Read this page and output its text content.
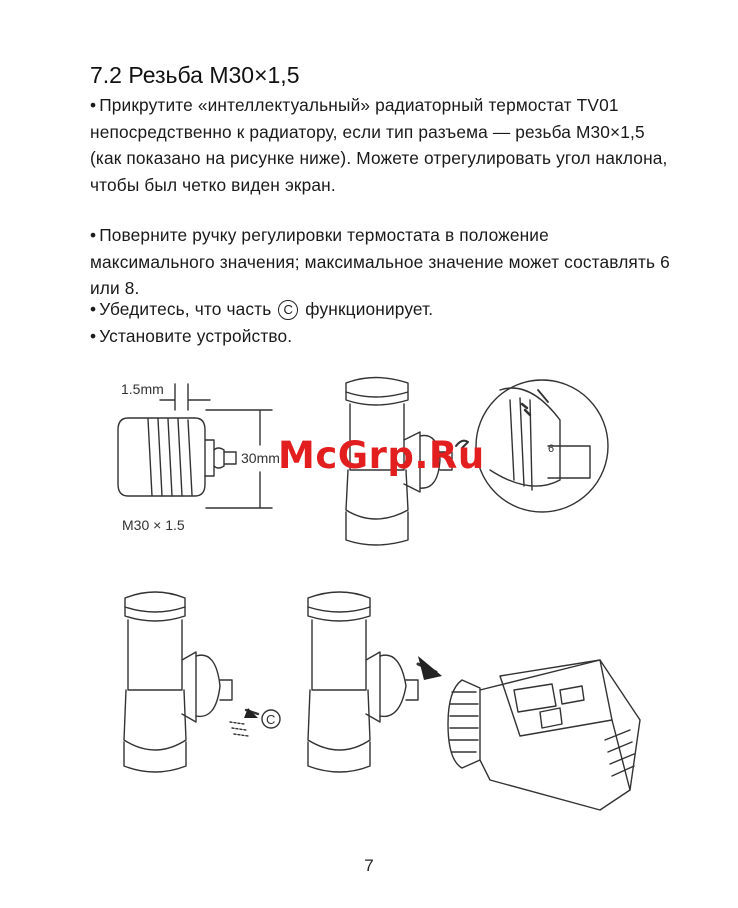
7.2 Резьба M30×1,5

• Прикрутите «интеллектуальный» радиаторный термостат TV01 непосредственно к радиатору, если тип разъема — резьба M30×1,5 (как показано на рисунке ниже). Можете отрегулировать угол наклона, чтобы был четко виден экран.

• Поверните ручку регулировки термостата в положение максимального значения; максимальное значение может составлять 6 или 8.

• Убедитесь, что часть C функционирует.

• Установите устройство.

1.5mm
30mm
M30 × 1.5
6
C
McGrp.Ru
7
